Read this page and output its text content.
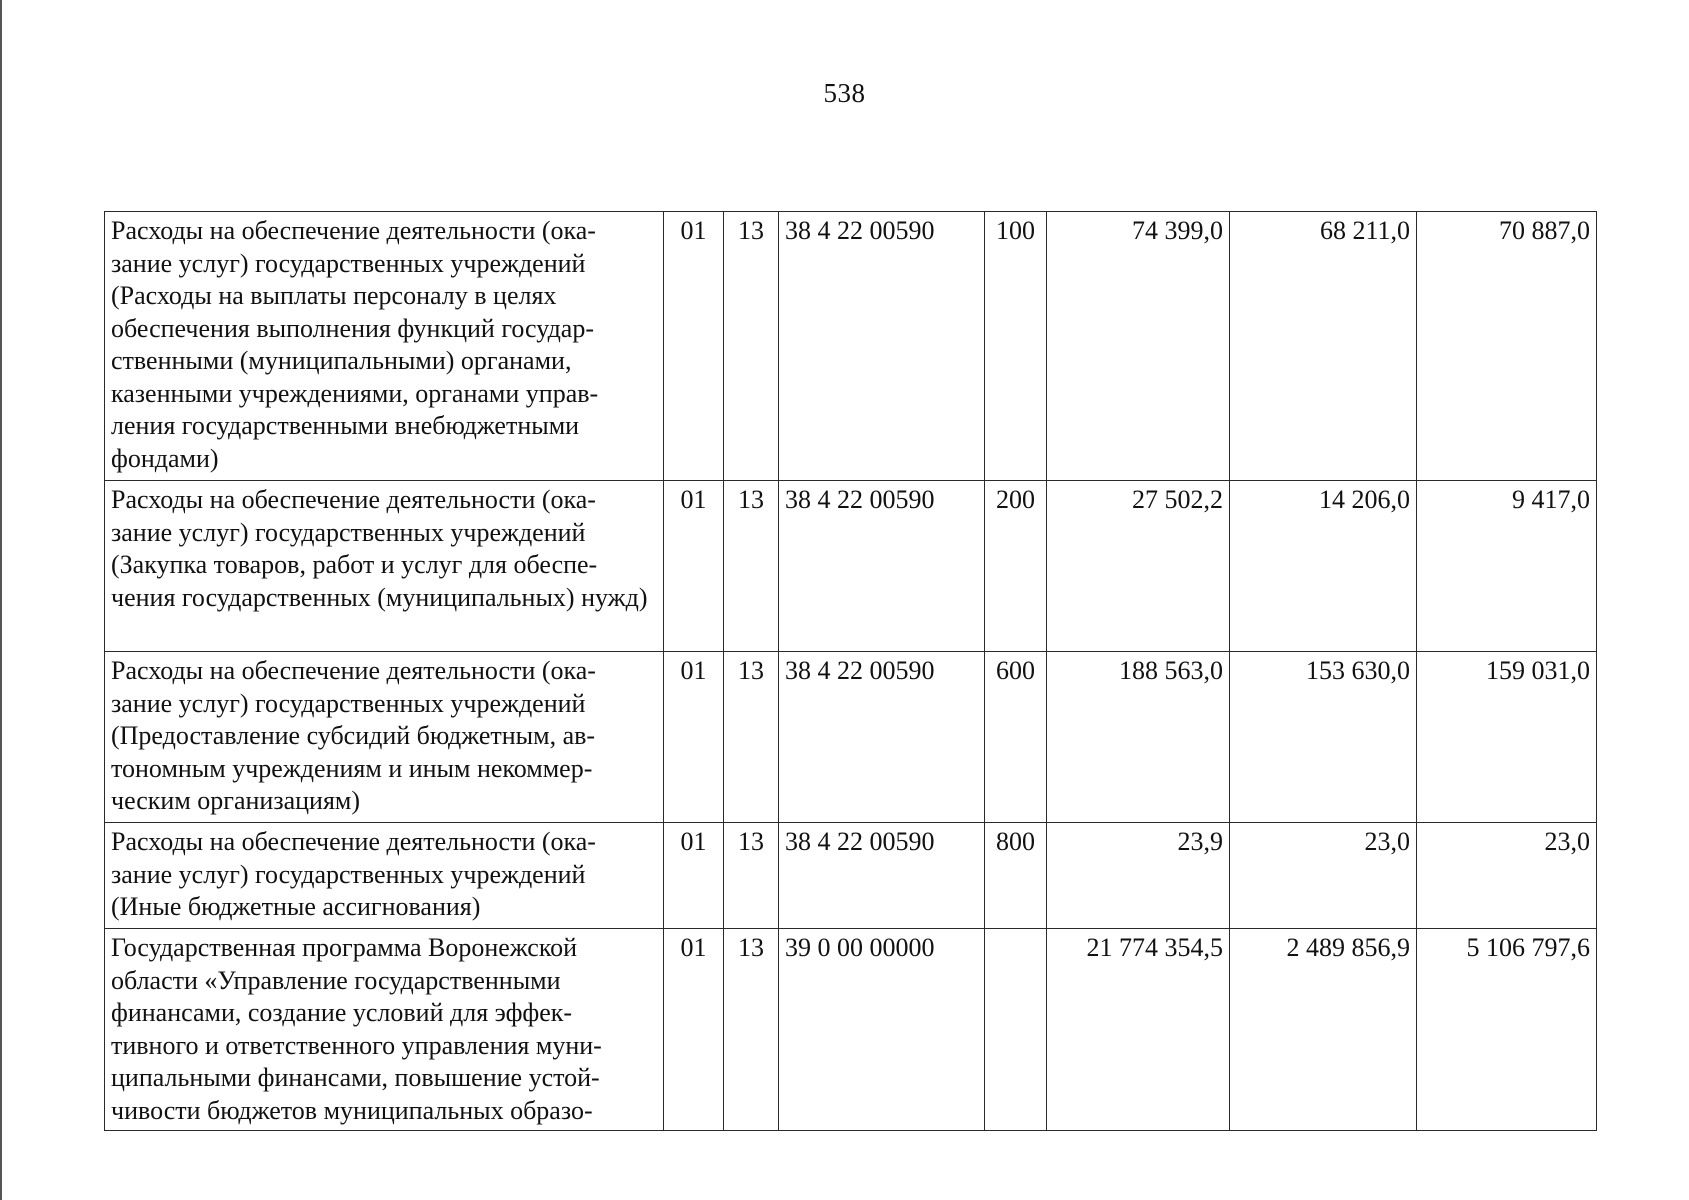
538
Расходы на обеспечение деятельности (ока-зание услуг) государственных учреждений (Расходы на выплаты персоналу в целях обеспечения выполнения функций государ-ственными (муниципальными) органами, казенными учреждениями, органами управ-ления государственными внебюджетными фондами)	01	13	38 4 22 00590	100	74 399,0	68 211,0	70 887,0
Расходы на обеспечение деятельности (ока-зание услуг) государственных учреждений (Закупка товаров, работ и услуг для обеспе-чения государственных (муниципальных) нужд)	01	13	38 4 22 00590	200	27 502,2	14 206,0	9 417,0
Расходы на обеспечение деятельности (ока-зание услуг) государственных учреждений (Предоставление субсидий бюджетным, ав-тономным учреждениям и иным некоммер-ческим организациям)	01	13	38 4 22 00590	600	188 563,0	153 630,0	159 031,0
Расходы на обеспечение деятельности (ока-зание услуг) государственных учреждений (Иные бюджетные ассигнования)	01	13	38 4 22 00590	800	23,9	23,0	23,0
Государственная программа Воронежской области «Управление государственными финансами, создание условий для эффек-тивного и ответственного управления муни-ципальными финансами, повышение устой-чивости бюджетов муниципальных образо-	01	13	39 0 00 00000		21 774 354,5	2 489 856,9	5 106 797,6
